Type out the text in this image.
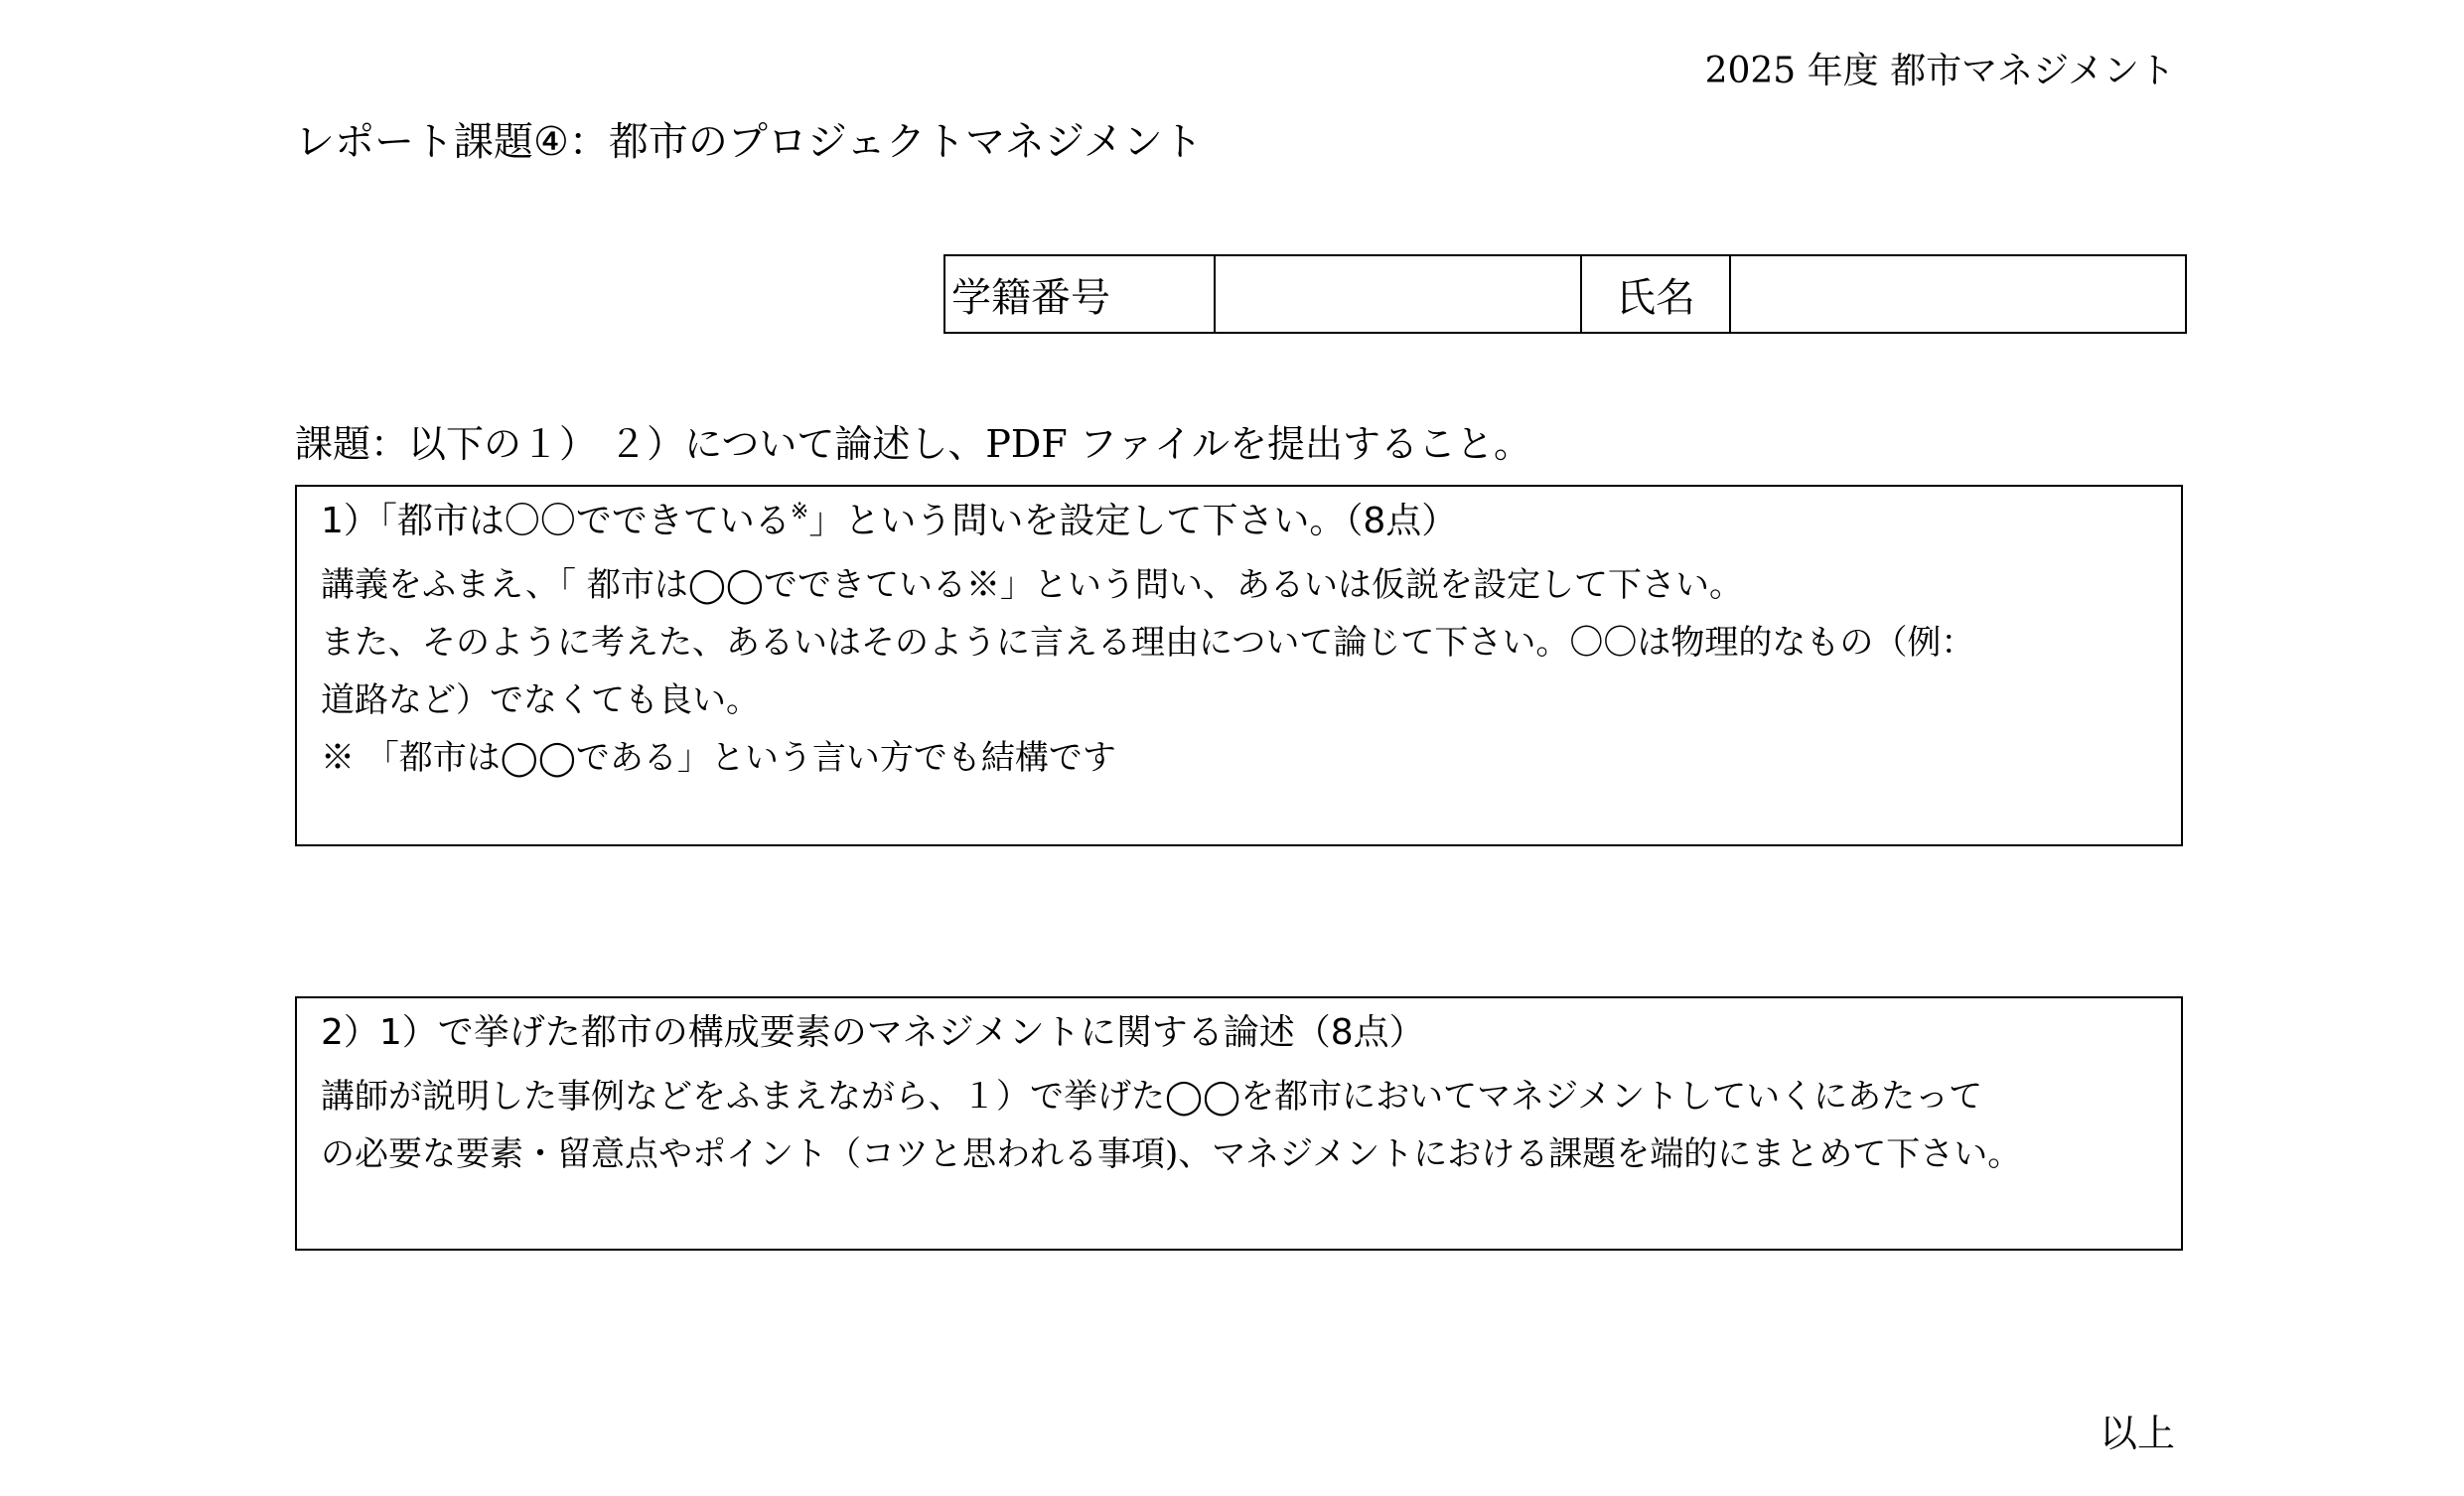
2025 年度 都市マネジメント
レポート課題④：都市のプロジェクトマネジメント
学籍番号		氏名	
課題：以下の１） ２）について論述し、PDF ファイルを提出すること。
1）「都市は〇〇でできている※」という問いを設定して下さい。（8点）
講義をふまえ、「 都市は◯◯でできている※」という問い、あるいは仮説を設定して下さい。
また、そのように考えた、あるいはそのように言える理由について論じて下さい。〇〇は物理的なもの（例：
道路など）でなくても良い。
※ 「都市は◯◯である」という言い方でも結構です
2）1）で挙げた都市の構成要素のマネジメントに関する論述（8点）
講師が説明した事例などをふまえながら、１）で挙げた◯◯を都市においてマネジメントしていくにあたって
の必要な要素・留意点やポイント（コツと思われる事項)、マネジメントにおける課題を端的にまとめて下さい。
以上
